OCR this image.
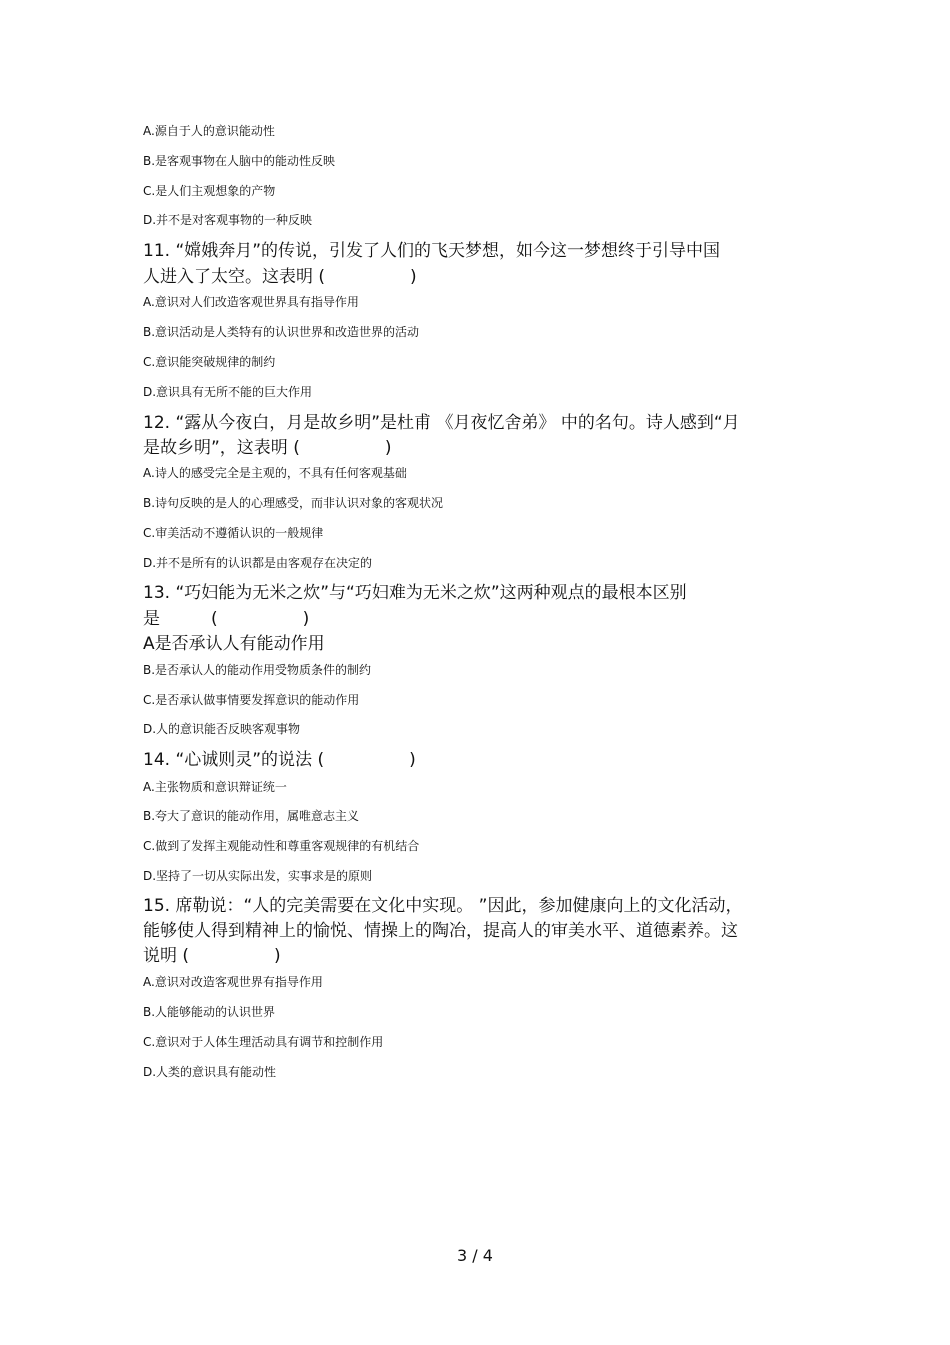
A.源自于人的意识能动性
B.是客观事物在人脑中的能动性反映
C.是人们主观想象的产物
D.并不是对客观事物的一种反映
11. “嫦娥奔月”的传说，引发了人们的飞天梦想，如今这一梦想终于引导中国
人进入了太空。这表明 (　　　　　)
A.意识对人们改造客观世界具有指导作用
B.意识活动是人类特有的认识世界和改造世界的活动
C.意识能突破规律的制约
D.意识具有无所不能的巨大作用
12. “露从今夜白，月是故乡明”是杜甫 《月夜忆舍弟》 中的名句。诗人感到“月
是故乡明”，这表明 (　　　　　)
A.诗人的感受完全是主观的，不具有任何客观基础
B.诗句反映的是人的心理感受，而非认识对象的客观状况
C.审美活动不遵循认识的一般规律
D.并不是所有的认识都是由客观存在决定的
13. “巧妇能为无米之炊”与“巧妇难为无米之炊”这两种观点的最根本区别
是　　　(　　　　　)
A是否承认人有能动作用
B.是否承认人的能动作用受物质条件的制约
C.是否承认做事情要发挥意识的能动作用
D.人的意识能否反映客观事物
14. “心诚则灵”的说法 (　　　　　)
A.主张物质和意识辩证统一
B.夸大了意识的能动作用，属唯意志主义
C.做到了发挥主观能动性和尊重客观规律的有机结合
D.坚持了一切从实际出发，实事求是的原则
15. 席勒说：“人的完美需要在文化中实现。 ”因此，参加健康向上的文化活动，
能够使人得到精神上的愉悦、情操上的陶冶，提高人的审美水平、道德素养。这
说明 (　　　　　)
A.意识对改造客观世界有指导作用
B.人能够能动的认识世界
C.意识对于人体生理活动具有调节和控制作用
D.人类的意识具有能动性
3 / 4
